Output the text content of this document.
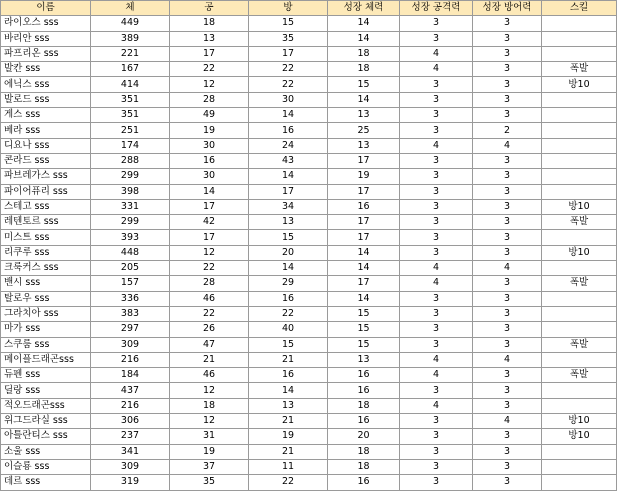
이름	체	공	방	성장 체력	성장 공격력	성장 방어력	스킬
라이오스 sss	449	18	15	14	3	3	
바리안 sss	389	13	35	14	3	3	
파프리온 sss	221	17	17	18	4	3	
발칸 sss	167	22	22	18	4	3	폭발
에닉스 sss	414	12	22	15	3	3	방10
발로드 sss	351	28	30	14	3	3	
게스 sss	351	49	14	13	3	3	
베라 sss	251	19	16	25	3	2	
디요나 sss	174	30	24	13	4	4	
콘라드 sss	288	16	43	17	3	3	
파브레가스 sss	299	30	14	19	3	3	
파이어퓨리 sss	398	14	17	17	3	3	
스테고 sss	331	17	34	16	3	3	방10
레텐토르 sss	299	42	13	17	3	3	폭발
미스트 sss	393	17	15	17	3	3	
리쿠루 sss	448	12	20	14	3	3	방10
크룩커스 sss	205	22	14	14	4	4	
밴시 sss	157	28	29	17	4	3	폭발
탈로우 sss	336	46	16	14	3	3	
그라치아 sss	383	22	22	15	3	3	
마가 sss	297	26	40	15	3	3	
스쿠룸 sss	309	47	15	15	3	3	폭발
메이플드래곤sss	216	21	21	13	4	4	
듀펜 sss	184	46	16	16	4	3	폭발
딜랑 sss	437	12	14	16	3	3	
적오드래곤sss	216	18	13	18	4	3	
위그드라실 sss	306	12	21	16	3	4	방10
아틀란티스 sss	237	31	19	20	3	3	방10
소울 sss	341	19	21	18	3	3	
이슬룡 sss	309	37	11	18	3	3	
데르 sss	319	35	22	16	3	3	
